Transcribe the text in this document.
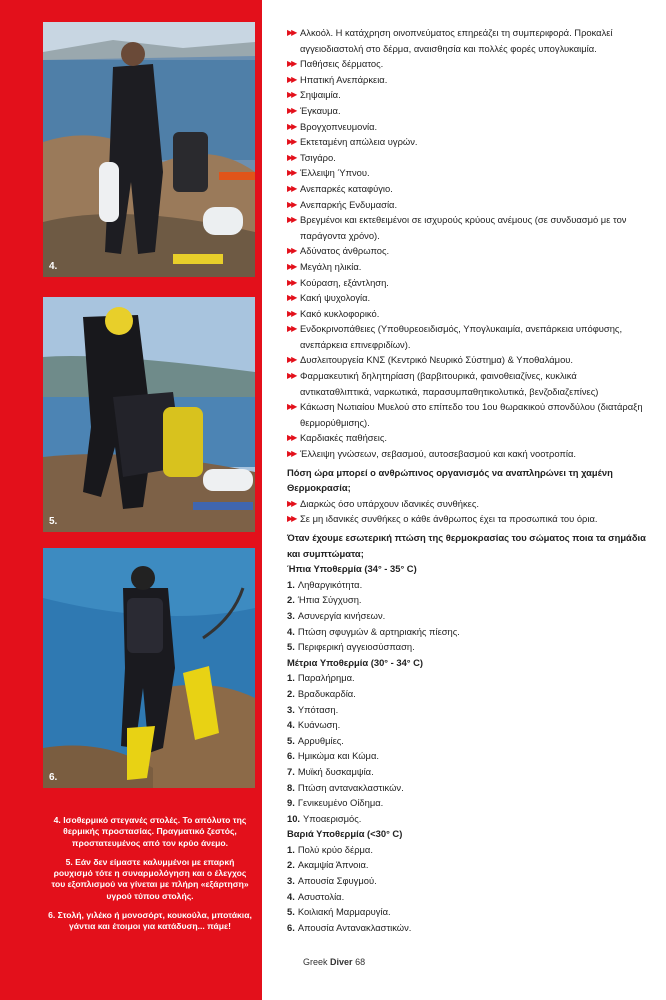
4.
5.
6.

4. Ισοθερμικό στεγανές στολές. Το απόλυτο της θερμικής προστασίας. Πραγματικό ζεστός, προστατευμένος από τον κρύο άνεμο.

5. Εάν δεν είμαστε καλυμμένοι με επαρκή ρουχισμό τότε η συναρμολόγηση και ο έλεγχος του εξοπλισμού να γίνεται με πλήρη «εξάρτηση» υγρού τύπου στολής.

6. Στολή, γιλέκο ή μονοσόρτ, κουκούλα, μποτάκια, γάντια και έτοιμοι για κατάδυση... πάμε!

▶▶ Αλκοόλ. Η κατάχρηση οινοπνεύματος επηρεάζει τη συμπεριφορά. Προκαλεί αγγειοδιαστολή στο δέρμα, αναισθησία και πολλές φορές υπογλυκαιμία.
▶▶ Παθήσεις δέρματος.
▶▶ Ηπατική Ανεπάρκεια.
▶▶ Σηψαιμία.
▶▶ Έγκαυμα.
▶▶ Βρογχοπνευμονία.
▶▶ Εκτεταμένη απώλεια υγρών.
▶▶ Τσιγάρο.
▶▶ Έλλειψη Ύπνου.
▶▶ Ανεπαρκές καταφύγιο.
▶▶ Ανεπαρκής Ενδυμασία.
▶▶ Βρεγμένοι και εκτεθειμένοι σε ισχυρούς κρύους ανέμους (σε συνδυασμό με τον παράγοντα χρόνο).
▶▶ Αδύνατος άνθρωπος.
▶▶ Μεγάλη ηλικία.
▶▶ Κούραση, εξάντληση.
▶▶ Κακή ψυχολογία.
▶▶ Κακό κυκλοφορικό.
▶▶ Ενδοκρινοπάθειες (Υποθυρεοειδισμός, Υπογλυκαιμία, ανεπάρκεια υπόφυσης, ανεπάρκεια επινεφριδίων).
▶▶ Δυσλειτουργεία ΚΝΣ (Κεντρικό Νευρικό Σύστημα) & Υποθαλάμου.
▶▶ Φαρμακευτική δηλητηρίαση (βαρβιτουρικά, φαινοθειαζίνες, κυκλικά αντικαταθλιπτικά, ναρκωτικά, παρασυμπαθητικολυτικά, βενζοδιαζεπίνες)
▶▶ Κάκωση Νωτιαίου Μυελού στο επίπεδο του 1ου θωρακικού σπονδύλου (διατάραξη θερμορύθμισης).
▶▶ Καρδιακές παθήσεις.
▶▶ Έλλειψη γνώσεων, σεβασμού, αυτοσεβασμού και κακή νοοτροπία.
Πόση ώρα μπορεί ο ανθρώπινος οργανισμός να αναπληρώνει τη χαμένη Θερμοκρασία;
▶▶ Διαρκώς όσο υπάρχουν ιδανικές συνθήκες.
▶▶ Σε μη ιδανικές συνθήκες ο κάθε άνθρωπος έχει τα προσωπικά του όρια.
Όταν έχουμε εσωτερική πτώση της θερμοκρασίας του σώματος ποια τα σημάδια και συμπτώματα;
Ήπια Υποθερμία (34° - 35° C)
1. Ληθαργικότητα.
2. Ήπια Σύγχυση.
3. Ασυνεργία κινήσεων.
4. Πτώση σφυγμών & αρτηριακής πίεσης.
5. Περιφερική αγγειοσύσπαση.
Μέτρια Υποθερμία (30° - 34° C)
1. Παραλήρημα.
2. Βραδυκαρδία.
3. Υπόταση.
4. Κυάνωση.
5. Αρρυθμίες.
6. Ημικώμα και Κώμα.
7. Μυϊκή δυσκαμψία.
8. Πτώση αντανακλαστικών.
9. Γενικευμένο Οίδημα.
10. Υποαερισμός.
Βαριά Υποθερμία (<30° C)
1. Πολύ κρύο δέρμα.
2. Ακαμψία Άπνοια.
3. Απουσία Σφυγμού.
4. Ασυστολία.
5. Κοιλιακή Μαρμαρυγία.
6. Απουσία Αντανακλαστικών.
Greek Diver 68
